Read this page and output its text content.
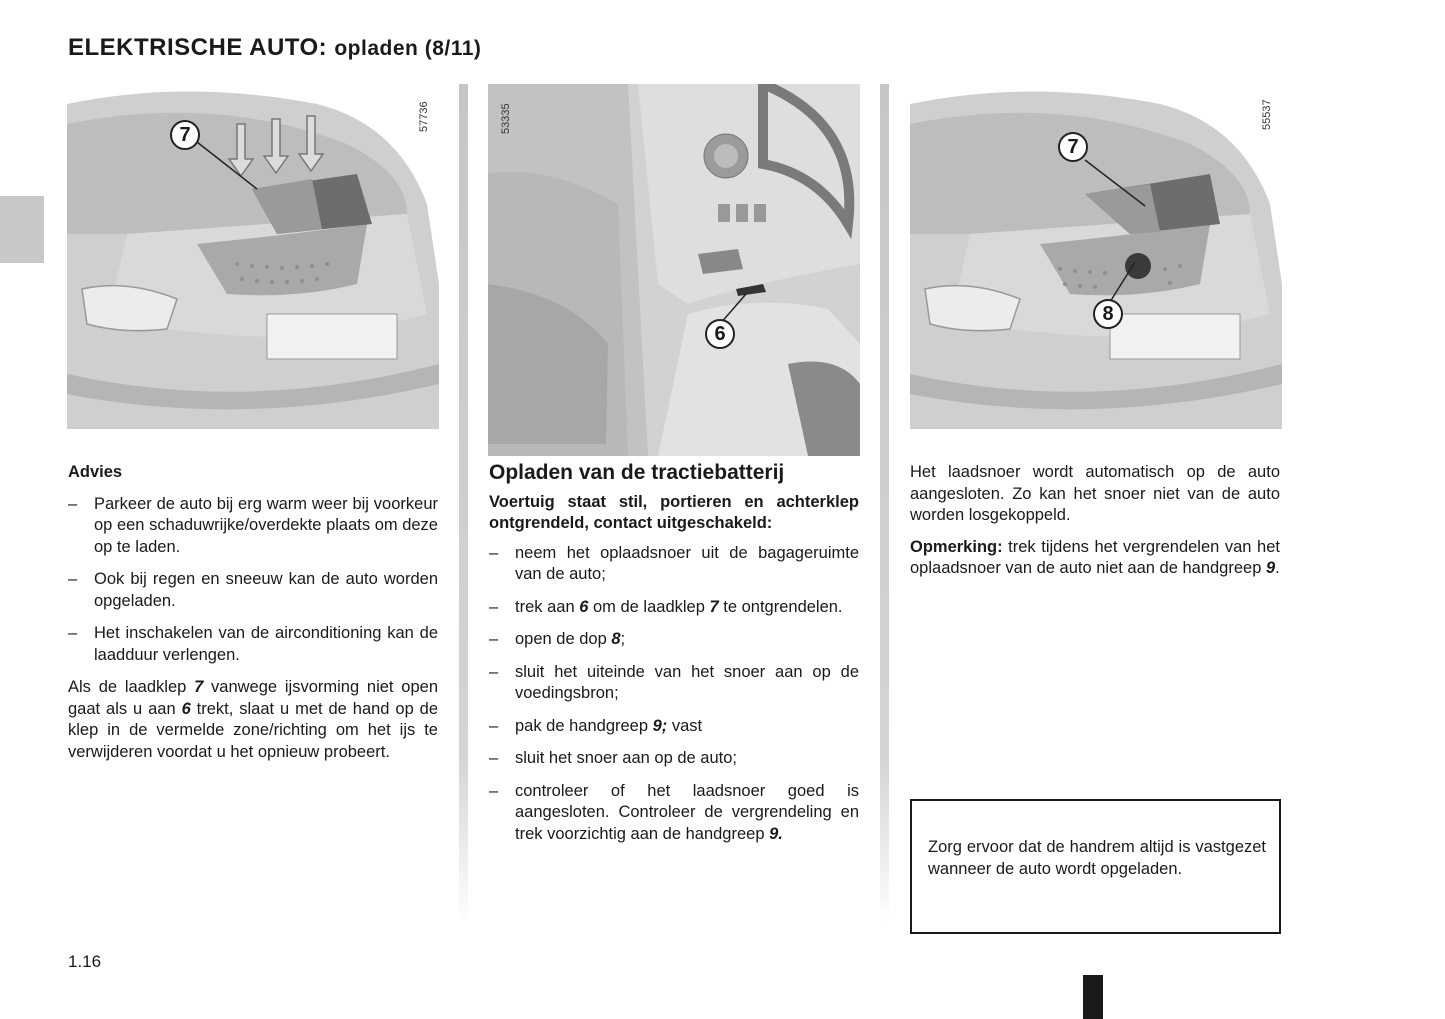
ELEKTRISCHE AUTO: opladen (8/11)
7
57736
6
53335
7
8
55537
Advies
– Parkeer de auto bij erg warm weer bij voorkeur op een schaduwrijke/overdekte plaats om deze op te laden.
– Ook bij regen en sneeuw kan de auto worden opgeladen.
– Het inschakelen van de airconditioning kan de laadduur verlengen.
Als de laadklep 7 vanwege ijsvorming niet open gaat als u aan 6 trekt, slaat u met de hand op de klep in de vermelde zone/richting om het ijs te verwijderen voordat u het opnieuw probeert.
Opladen van de tractiebatterij
Voertuig staat stil, portieren en achterklep ontgrendeld, contact uitgeschakeld:
– neem het oplaadsnoer uit de bagageruimte van de auto;
– trek aan 6 om de laadklep 7 te ontgrendelen.
– open de dop 8;
– sluit het uiteinde van het snoer aan op de voedingsbron;
– pak de handgreep 9; vast
– sluit het snoer aan op de auto;
– controleer of het laadsnoer goed is aangesloten. Controleer de vergrendeling en trek voorzichtig aan de handgreep 9.
Het laadsnoer wordt automatisch op de auto aangesloten. Zo kan het snoer niet van de auto worden losgekoppeld.
Opmerking: trek tijdens het vergrendelen van het oplaadsnoer van de auto niet aan de handgreep 9.
Zorg ervoor dat de handrem altijd is vastgezet wanneer de auto wordt opgeladen.
1.16
